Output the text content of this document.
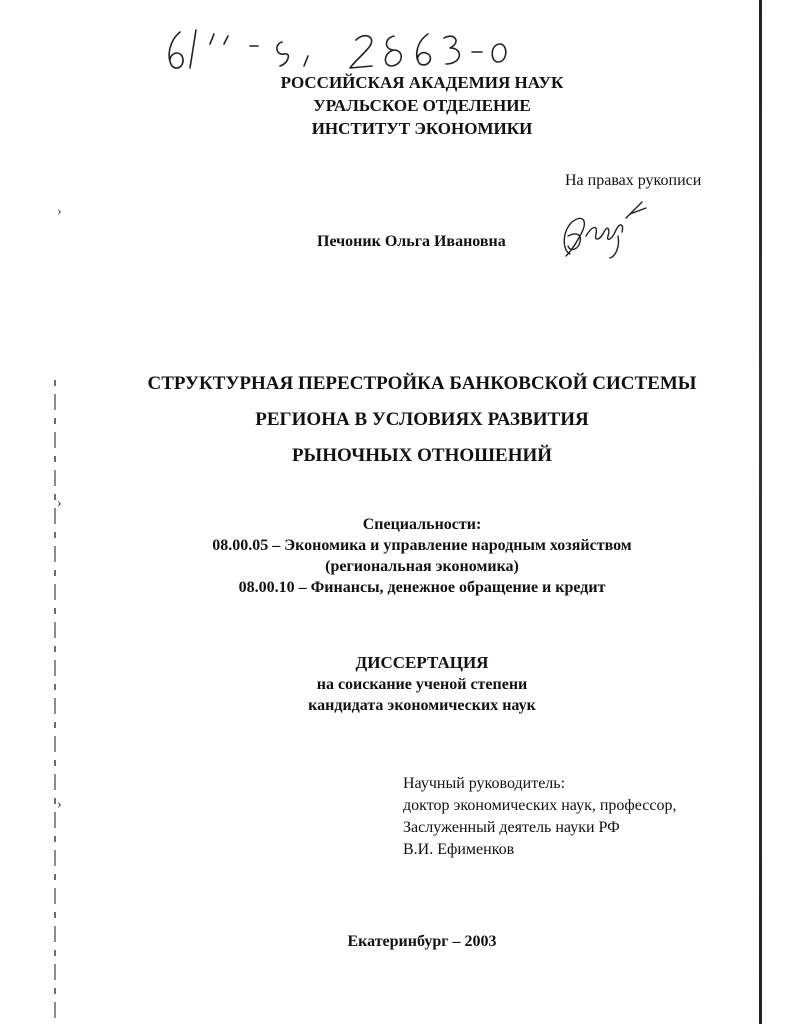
›
›
›
РОССИЙСКАЯ АКАДЕМИЯ НАУК
УРАЛЬСКОЕ ОТДЕЛЕНИЕ
ИНСТИТУТ ЭКОНОМИКИ
На правах рукописи
Печоник Ольга Ивановна
СТРУКТУРНАЯ ПЕРЕСТРОЙКА БАНКОВСКОЙ СИСТЕМЫ
РЕГИОНА В УСЛОВИЯХ РАЗВИТИЯ
РЫНОЧНЫХ ОТНОШЕНИЙ
Специальности:
08.00.05 – Экономика и управление народным хозяйством
(региональная экономика)
08.00.10 – Финансы, денежное обращение и кредит
ДИССЕРТАЦИЯ
на соискание ученой степени
кандидата экономических наук
Научный руководитель:
доктор экономических наук, профессор,
Заслуженный деятель науки РФ
В.И. Ефименков
Екатеринбург – 2003
